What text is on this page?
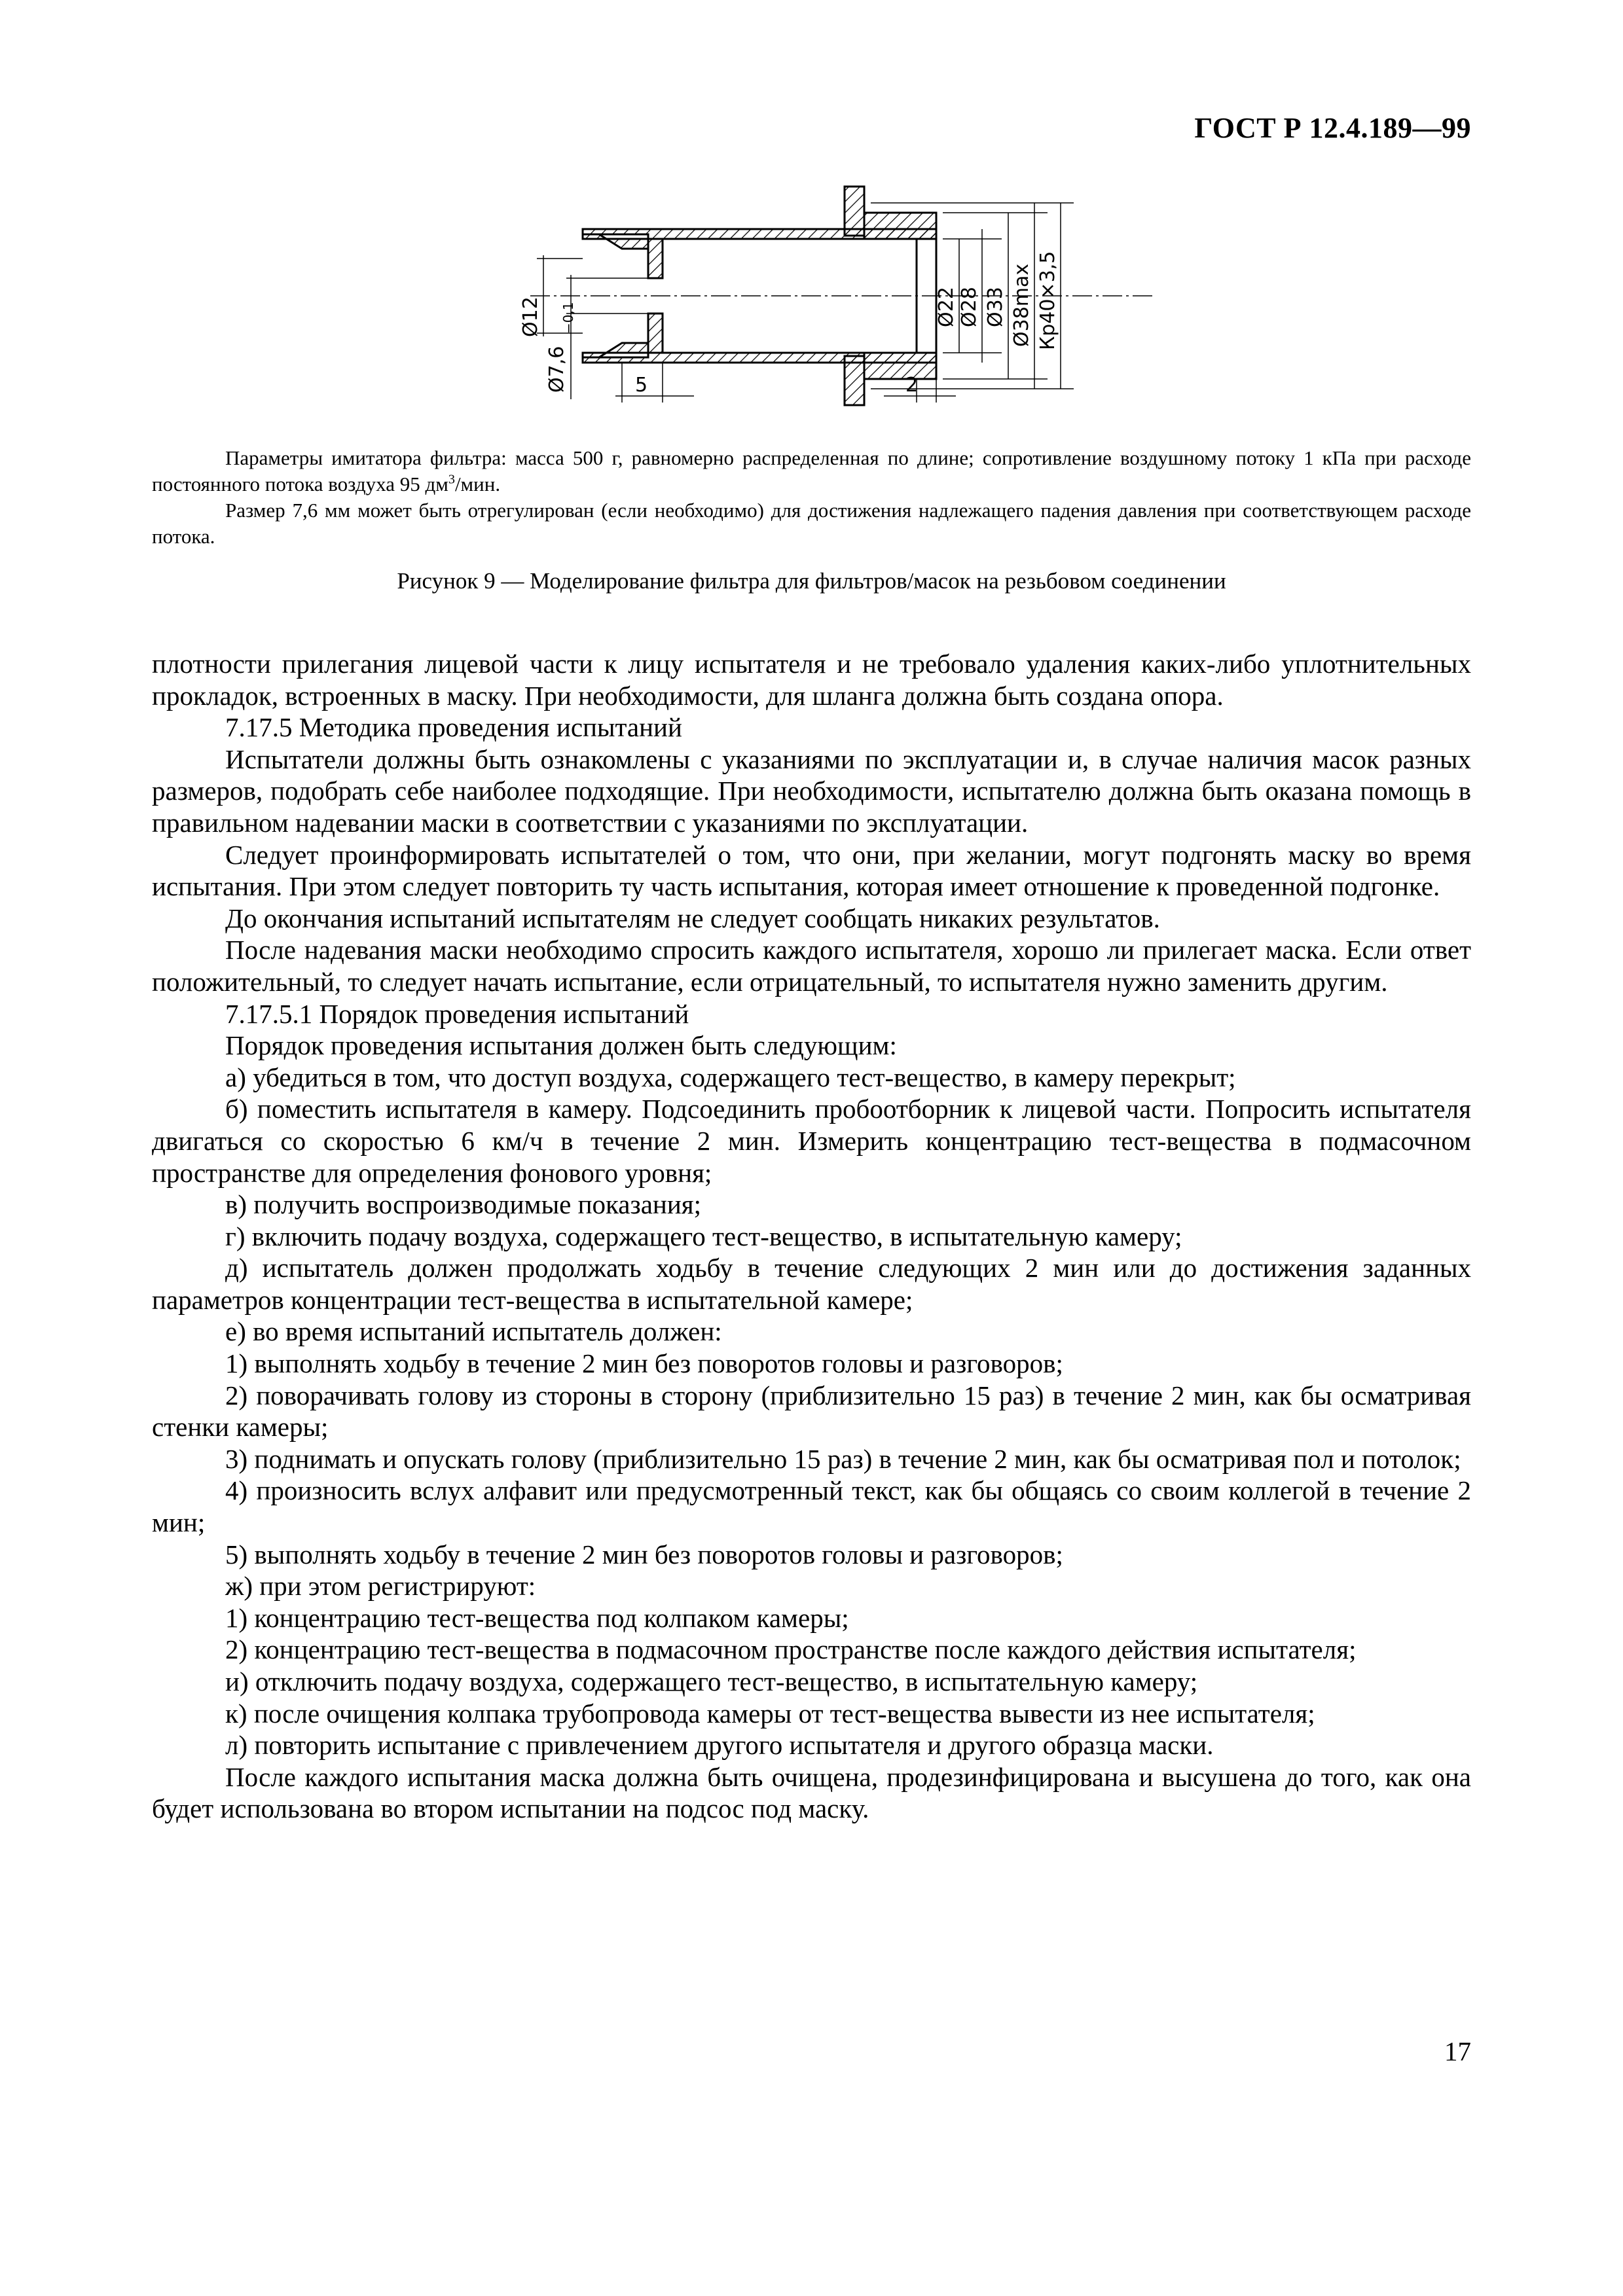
ГОСТ Р 12.4.189—99
Ø12
Ø7,6
−0,1
5	2
Ø22 Ø28 Ø33 Ø38max Кр40×3,5

Параметры имитатора фильтра: масса 500 г, равномерно распределенная по длине; сопротивление воздушному потоку 1 кПа при расходе постоянного потока воздуха 95 $дм^3$/мин.

Размер 7,6 мм может быть отрегулирован (если необходимо) для достижения надлежащего падения давления при соответствующем расходе потока.

Рисунок 9 — Моделирование фильтра для фильтров/масок на резьбовом соединении

плотности прилегания лицевой части к лицу испытателя и не требовало удаления каких-либо уплотнительных прокладок, встроенных в маску. При необходимости, для шланга должна быть создана опора.

7.17.5 Методика проведения испытаний

Испытатели должны быть ознакомлены с указаниями по эксплуатации и, в случае наличия масок разных размеров, подобрать себе наиболее подходящие. При необходимости, испытателю должна быть оказана помощь в правильном надевании маски в соответствии с указаниями по эксплуатации.

Следует проинформировать испытателей о том, что они, при желании, могут подгонять маску во время испытания. При этом следует повторить ту часть испытания, которая имеет отношение к проведенной подгонке.

До окончания испытаний испытателям не следует сообщать никаких результатов.

После надевания маски необходимо спросить каждого испытателя, хорошо ли прилегает маска. Если ответ положительный, то следует начать испытание, если отрицательный, то испытателя нужно заменить другим.

7.17.5.1 Порядок проведения испытаний

Порядок проведения испытания должен быть следующим:

а) убедиться в том, что доступ воздуха, содержащего тест-вещество, в камеру перекрыт;

б) поместить испытателя в камеру. Подсоединить пробоотборник к лицевой части. Попросить испытателя двигаться со скоростью 6 км/ч в течение 2 мин. Измерить концентрацию тест-вещества в подмасочном пространстве для определения фонового уровня;

в) получить воспроизводимые показания;

г) включить подачу воздуха, содержащего тест-вещество, в испытательную камеру;

д) испытатель должен продолжать ходьбу в течение следующих 2 мин или до достижения заданных параметров концентрации тест-вещества в испытательной камере;

е) во время испытаний испытатель должен:

1) выполнять ходьбу в течение 2 мин без поворотов головы и разговоров;

2) поворачивать голову из стороны в сторону (приблизительно 15 раз) в течение 2 мин, как бы осматривая стенки камеры;

3) поднимать и опускать голову (приблизительно 15 раз) в течение 2 мин, как бы осматривая пол и потолок;

4) произносить вслух алфавит или предусмотренный текст, как бы общаясь со своим коллегой в течение 2 мин;

5) выполнять ходьбу в течение 2 мин без поворотов головы и разговоров;

ж) при этом регистрируют:

1) концентрацию тест-вещества под колпаком камеры;

2) концентрацию тест-вещества в подмасочном пространстве после каждого действия испытателя;

и) отключить подачу воздуха, содержащего тест-вещество, в испытательную камеру;

к) после очищения колпака трубопровода камеры от тест-вещества вывести из нее испытателя;

л) повторить испытание с привлечением другого испытателя и другого образца маски.

После каждого испытания маска должна быть очищена, продезинфицирована и высушена до того, как она будет использована во втором испытании на подсос под маску.

17
